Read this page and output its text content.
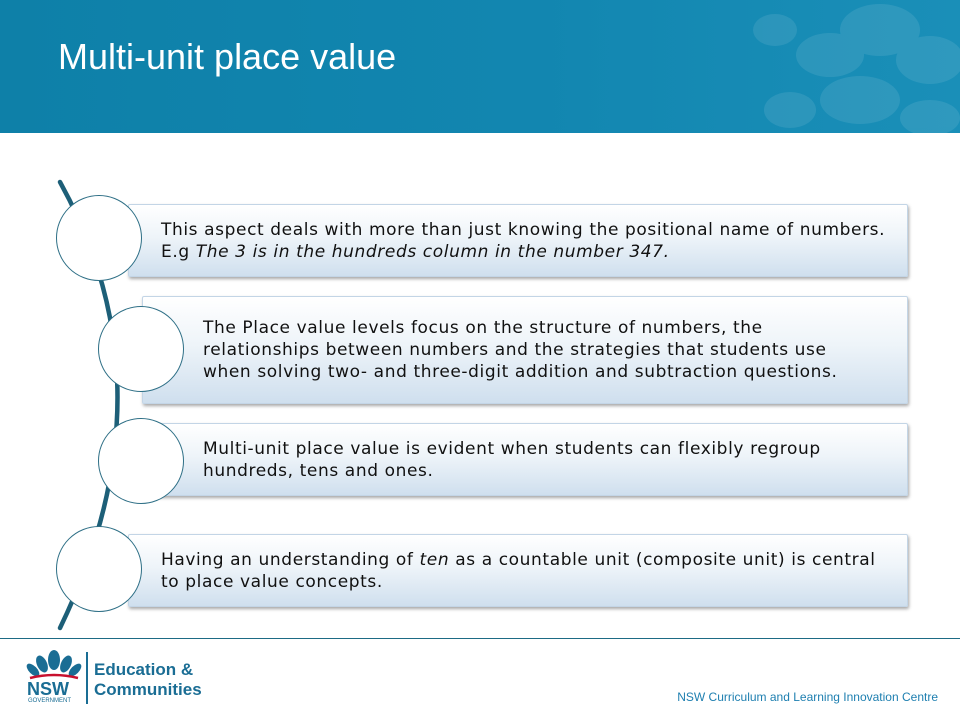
Multi-unit place value
This aspect deals with more than just knowing the positional name of numbers. E.g The 3 is in the hundreds column in the number 347.
The Place value levels focus on the structure of numbers, the relationships between numbers and the strategies that students use when solving two- and three-digit addition and subtraction questions.
Multi-unit place value is evident when students can flexibly regroup hundreds, tens and ones.
Having an understanding of ten as a countable unit (composite unit) is central to place value concepts.
NSW
GOVERNMENT
Education &
Communities	NSW Curriculum and Learning Innovation Centre
